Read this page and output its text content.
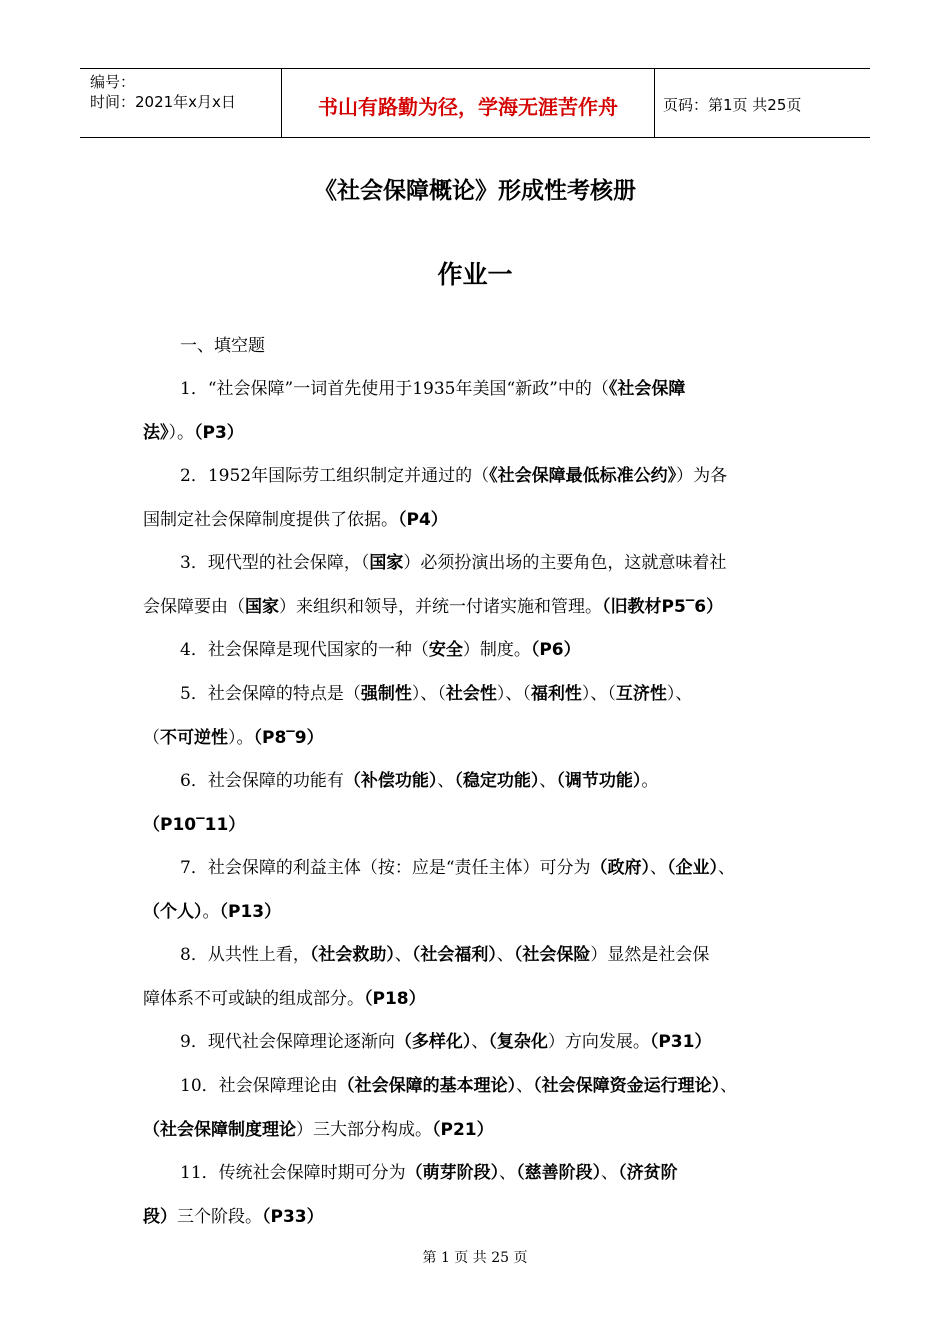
编号：
时间：2021年x月x日	书山有路勤为径，学海无涯苦作舟	页码：第1页 共25页
《社会保障概论》形成性考核册
作业一
一、填空题
1．“社会保障”一词首先使用于1935年美国“新政”中的（《社会保障
法》）。（P3）
2．1952年国际劳工组织制定并通过的（《社会保障最低标准公约》）为各
国制定社会保障制度提供了依据。（P4）
3．现代型的社会保障，（国家）必须扮演出场的主要角色，这就意味着社
会保障要由（国家）来组织和领导，并统一付诸实施和管理。（旧教材P5‾6）
4．社会保障是现代国家的一种（安全）制度。（P6）
5．社会保障的特点是（强制性）、（社会性）、（福利性）、（互济性）、
（不可逆性）。（P8‾9）
6．社会保障的功能有（补偿功能）、（稳定功能）、（调节功能）。
（P10‾11）
7．社会保障的利益主体（按：应是“责任主体）可分为（政府）、（企业）、
（个人）。（P13）
8．从共性上看，（社会救助）、（社会福利）、（社会保险）显然是社会保
障体系不可或缺的组成部分。（P18）
9．现代社会保障理论逐渐向（多样化）、（复杂化）方向发展。（P31）
10．社会保障理论由（社会保障的基本理论）、（社会保障资金运行理论）、
（社会保障制度理论）三大部分构成。（P21）
11．传统社会保障时期可分为（萌芽阶段）、（慈善阶段）、（济贫阶
段）三个阶段。（P33）
第 1 页 共 25 页
